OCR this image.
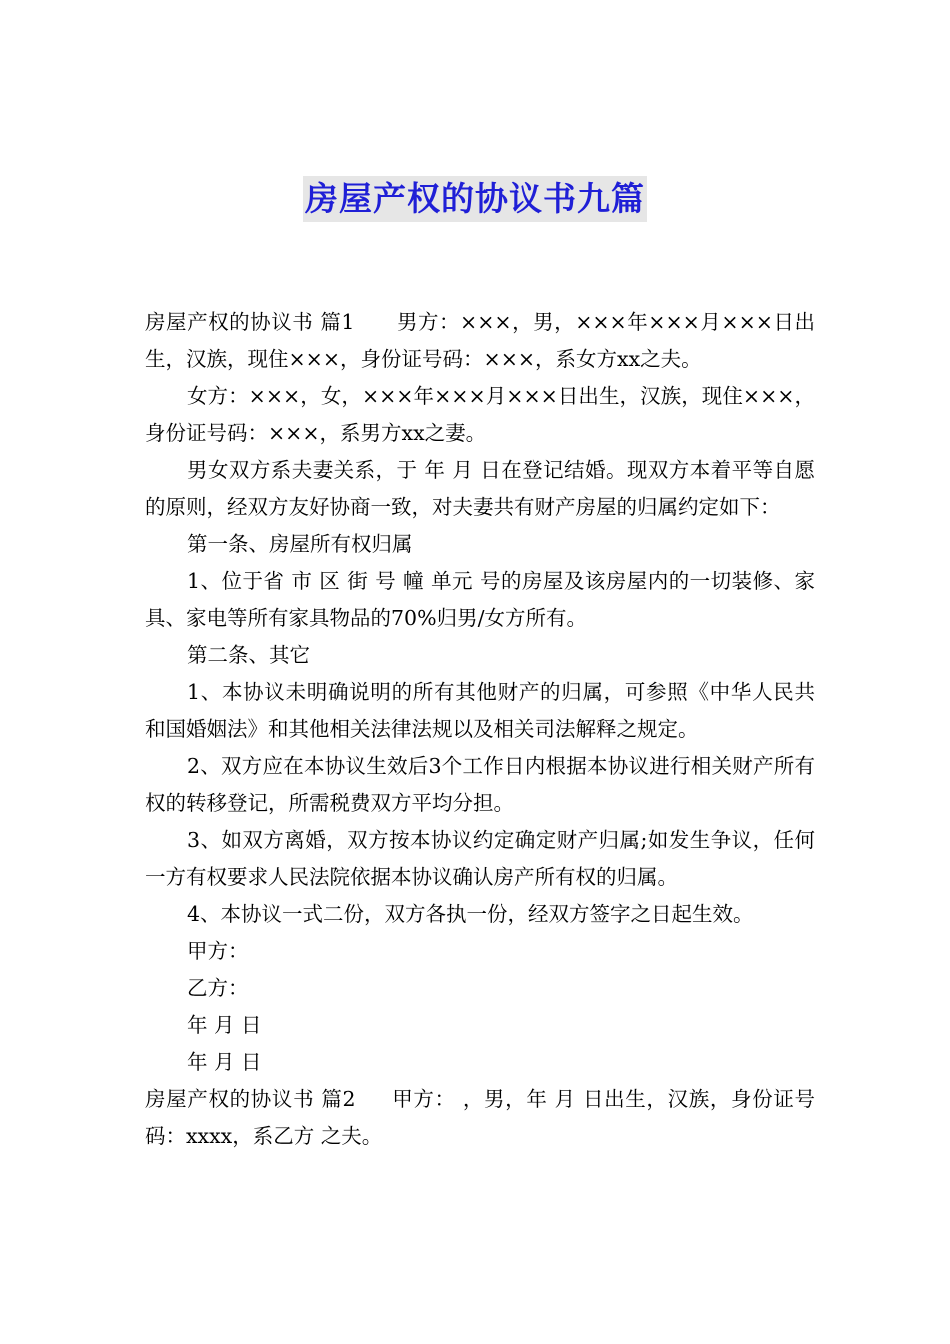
房屋产权的协议书九篇

房屋产权的协议书 篇1 男方：×××，男，×××年×××月×××日出生，汉族，现住×××，身份证号码：×××，系女方xx之夫。

女方：×××，女，×××年×××月×××日出生，汉族，现住×××，身份证号码：×××，系男方xx之妻。

男女双方系夫妻关系，于 年 月 日在登记结婚。现双方本着平等自愿的原则，经双方友好协商一致，对夫妻共有财产房屋的归属约定如下：

第一条、房屋所有权归属

1、位于省 市 区 街 号 幢 单元 号的房屋及该房屋内的一切装修、家具、家电等所有家具物品的70%归男/女方所有。

第二条、其它

1、本协议未明确说明的所有其他财产的归属，可参照《中华人民共和国婚姻法》和其他相关法律法规以及相关司法解释之规定。

2、双方应在本协议生效后3个工作日内根据本协议进行相关财产所有权的转移登记，所需税费双方平均分担。

3、如双方离婚，双方按本协议约定确定财产归属;如发生争议，任何一方有权要求人民法院依据本协议确认房产所有权的归属。

4、本协议一式二份，双方各执一份，经双方签字之日起生效。

甲方：

乙方：

年 月 日

年 月 日

房屋产权的协议书 篇2 甲方： ，男，年 月 日出生，汉族，身份证号码：xxxx，系乙方 之夫。
